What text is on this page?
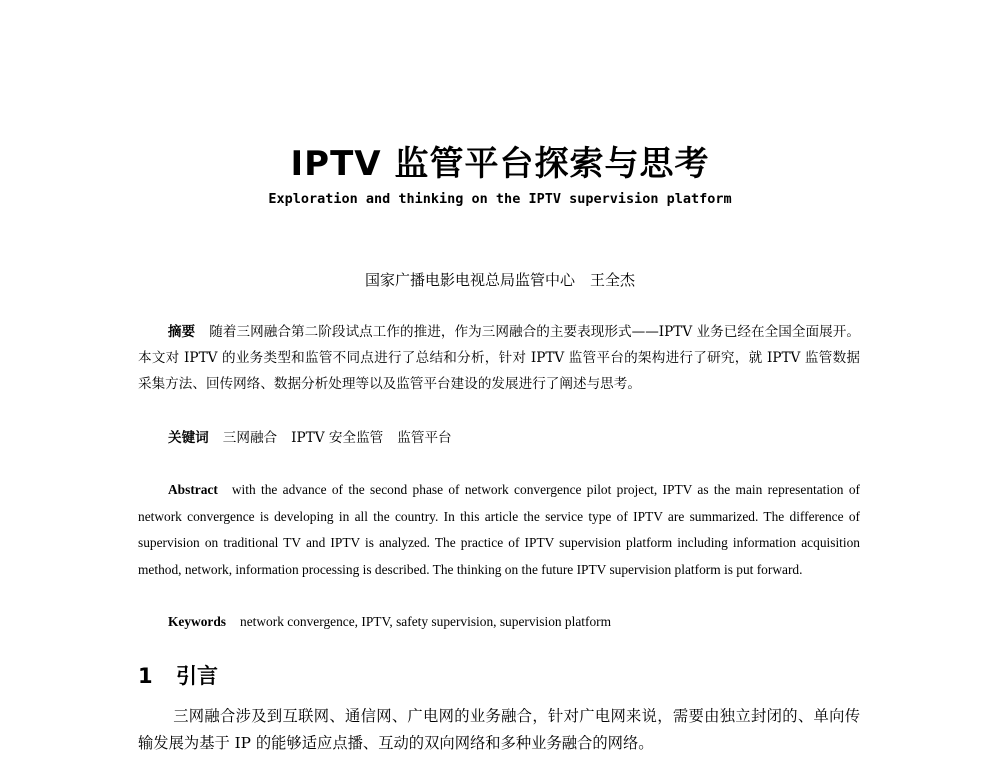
IPTV 监管平台探索与思考

Exploration and thinking on the IPTV supervision platform

国家广播电影电视总局监管中心　王全杰

摘要 随着三网融合第二阶段试点工作的推进，作为三网融合的主要表现形式——IPTV 业务已经在全国全面展开。本文对 IPTV 的业务类型和监管不同点进行了总结和分析，针对 IPTV 监管平台的架构进行了研究，就 IPTV 监管数据采集方法、回传网络、数据分析处理等以及监管平台建设的发展进行了阐述与思考。

关键词 三网融合 IPTV 安全监管 监管平台

Abstract with the advance of the second phase of network convergence pilot project, IPTV as the main representation of network convergence is developing in all the country. In this article the service type of IPTV are summarized. The difference of supervision on traditional TV and IPTV is analyzed. The practice of IPTV supervision platform including information acquisition method, network, information processing is described. The thinking on the future IPTV supervision platform is put forward.

Keywords network convergence, IPTV, safety supervision, supervision platform

1 引言

三网融合涉及到互联网、通信网、广电网的业务融合，针对广电网来说，需要由独立封闭的、单向传输发展为基于 IP 的能够适应点播、互动的双向网络和多种业务融合的网络。
